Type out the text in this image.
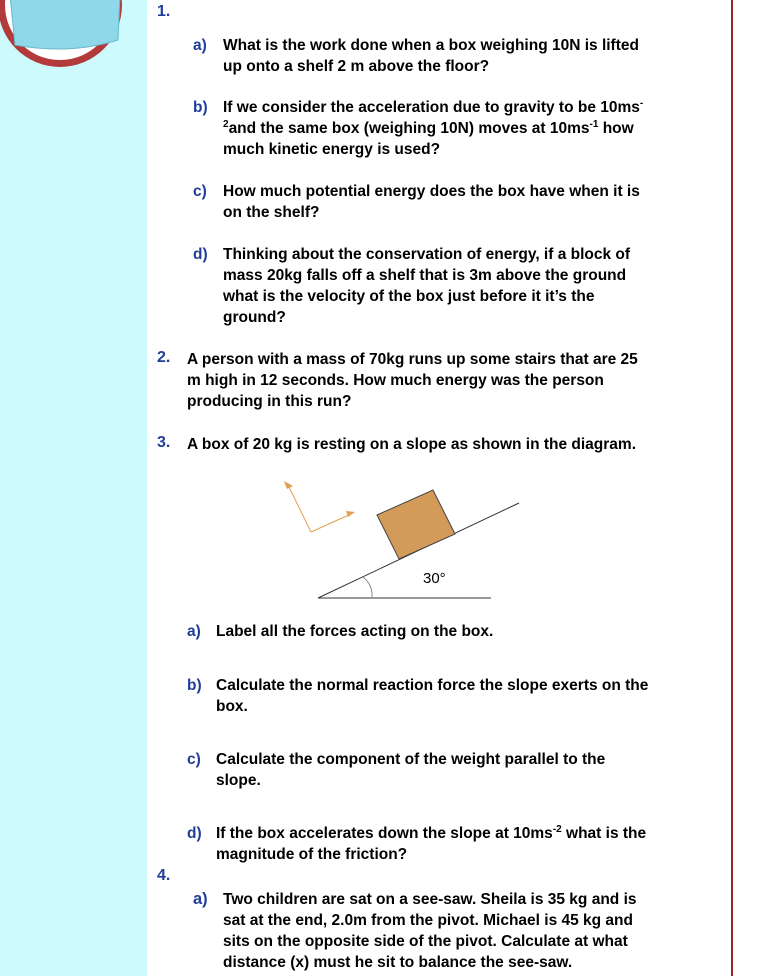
1.
a) What is the work done when a box weighing 10N is lifted
up onto a shelf 2 m above the floor?
b) If we consider the acceleration due to gravity to be 10ms-
$^2$and the same box (weighing 10N) moves at $10ms^{-1}$ how
much kinetic energy is used?
c) How much potential energy does the box have when it is
on the shelf?
d) Thinking about the conservation of energy, if a block of
mass 20kg falls off a shelf that is 3m above the ground
what is the velocity of the box just before it it’s the
ground?
2. A person with a mass of 70kg runs up some stairs that are 25
m high in 12 seconds. How much energy was the person
producing in this run?
3. A box of 20 kg is resting on a slope as shown in the diagram.
30°
a) Label all the forces acting on the box.
b) Calculate the normal reaction force the slope exerts on the
box.
c) Calculate the component of the weight parallel to the
slope.
d) If the box accelerates down the slope at $10ms^{-2}$ what is the
magnitude of the friction?
4.
a) Two children are sat on a see-saw. Sheila is 35 kg and is
sat at the end, 2.0m from the pivot. Michael is 45 kg and
sits on the opposite side of the pivot. Calculate at what
distance (x) must he sit to balance the see-saw.
